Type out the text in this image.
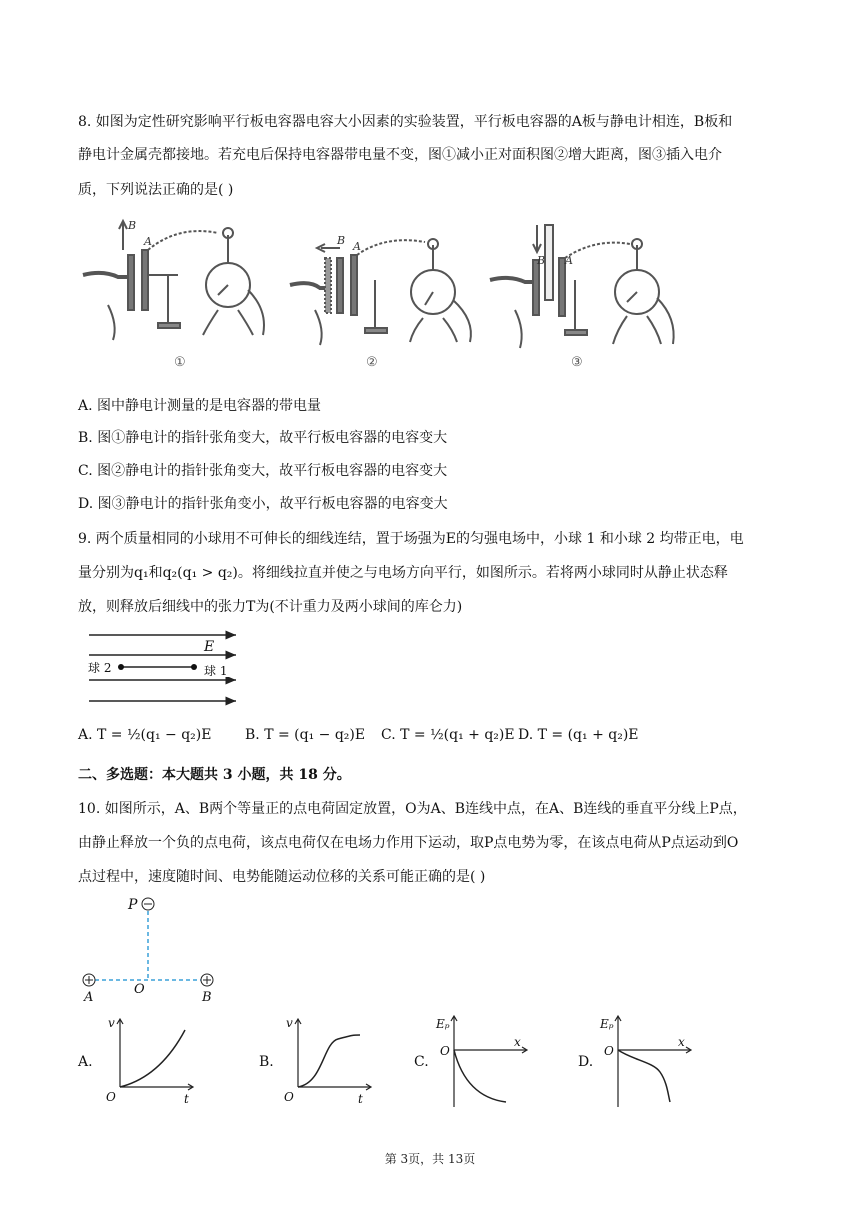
8. 如图为定性研究影响平行板电容器电容大小因素的实验装置，平行板电容器的A板与静电计相连，B板和
静电计金属壳都接地。若充电后保持电容器带电量不变，图①减小正对面积图②增大距离，图③插入电介
质，下列说法正确的是( )
B
A
①
B A
②
B A
③
A. 图中静电计测量的是电容器的带电量
B. 图①静电计的指针张角变大，故平行板电容器的电容变大
C. 图②静电计的指针张角变大，故平行板电容器的电容变大
D. 图③静电计的指针张角变小，故平行板电容器的电容变大
9. 两个质量相同的小球用不可伸长的细线连结，置于场强为E的匀强电场中，小球 1 和小球 2 均带正电，电
量分别为q₁和q₂(q₁ > q₂)。将细线拉直并使之与电场方向平行，如图所示。若将两小球同时从静止状态释
放，则释放后细线中的张力T为(不计重力及两小球间的库仑力)
E
球 2	球 1
A. T = ½(q₁ − q₂)E B. T = (q₁ − q₂)E C. T = ½(q₁ + q₂)E D. T = (q₁ + q₂)E
二、多选题：本大题共 3 小题，共 18 分。
10. 如图所示，A、B两个等量正的点电荷固定放置，O为A、B连线中点，在A、B连线的垂直平分线上P点，
由静止释放一个负的点电荷，该点电荷仅在电场力作用下运动，取P点电势为零，在该点电荷从P点运动到O
点过程中，速度随时间、电势能随运动位移的关系可能正确的是( )
P
A
O
B
A.
v
t
O
B.
v
t
O
C.
Eₚ
x
O
D.
Eₚ
x
O
第 3页，共 13页
